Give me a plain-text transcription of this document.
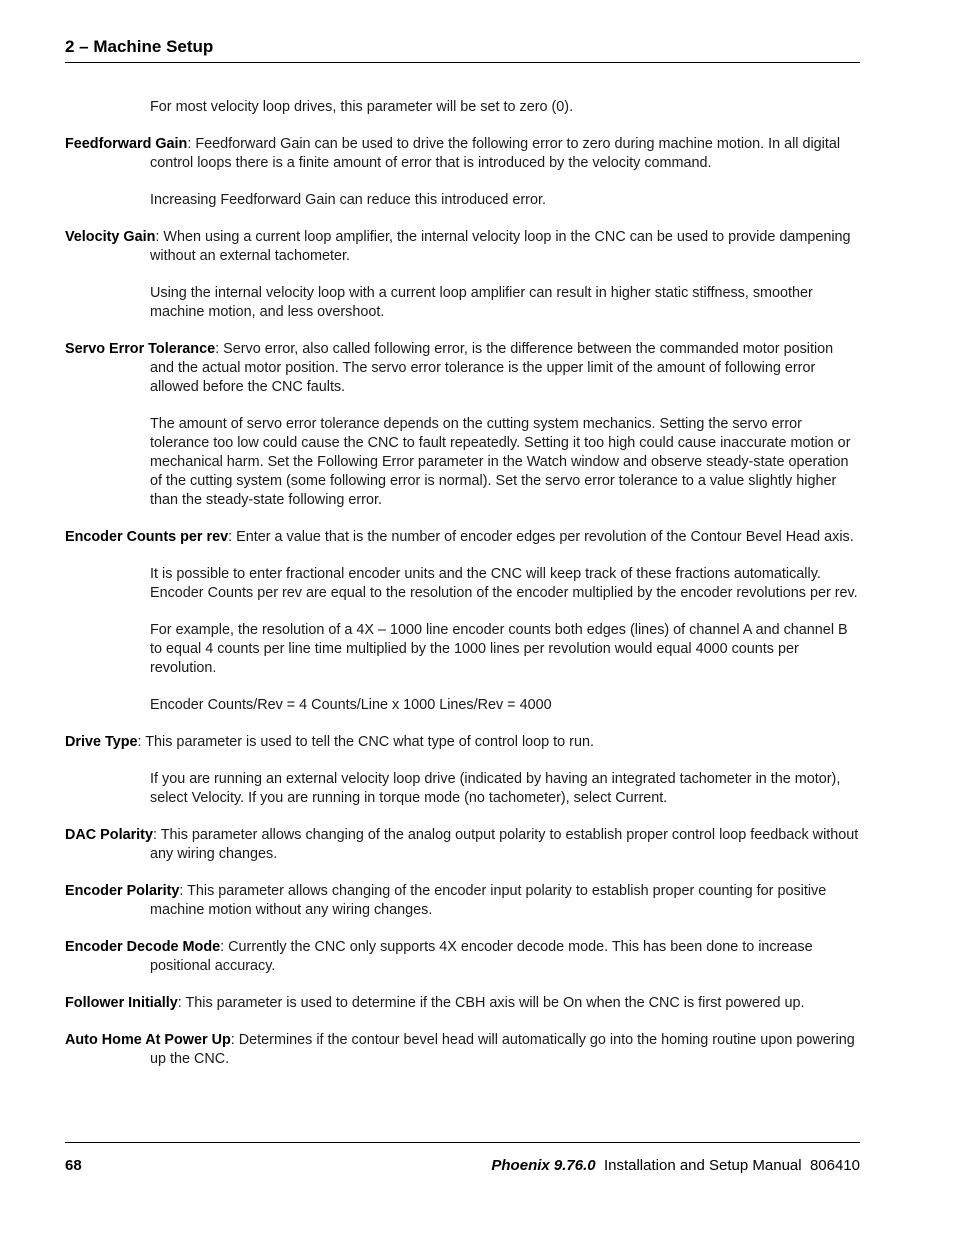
2 – Machine Setup

For most velocity loop drives, this parameter will be set to zero (0).

Feedforward Gain: Feedforward Gain can be used to drive the following error to zero during machine motion. In all digital control loops there is a finite amount of error that is introduced by the velocity command.

Increasing Feedforward Gain can reduce this introduced error.

Velocity Gain: When using a current loop amplifier, the internal velocity loop in the CNC can be used to provide dampening without an external tachometer.

Using the internal velocity loop with a current loop amplifier can result in higher static stiffness, smoother machine motion, and less overshoot.

Servo Error Tolerance: Servo error, also called following error, is the difference between the commanded motor position and the actual motor position. The servo error tolerance is the upper limit of the amount of following error allowed before the CNC faults.

The amount of servo error tolerance depends on the cutting system mechanics. Setting the servo error tolerance too low could cause the CNC to fault repeatedly. Setting it too high could cause inaccurate motion or mechanical harm. Set the Following Error parameter in the Watch window and observe steady-state operation of the cutting system (some following error is normal). Set the servo error tolerance to a value slightly higher than the steady-state following error.

Encoder Counts per rev: Enter a value that is the number of encoder edges per revolution of the Contour Bevel Head axis.

It is possible to enter fractional encoder units and the CNC will keep track of these fractions automatically. Encoder Counts per rev are equal to the resolution of the encoder multiplied by the encoder revolutions per rev.

For example, the resolution of a 4X – 1000 line encoder counts both edges (lines) of channel A and channel B to equal 4 counts per line time multiplied by the 1000 lines per revolution would equal 4000 counts per revolution.

Encoder Counts/Rev = 4 Counts/Line x 1000 Lines/Rev = 4000

Drive Type: This parameter is used to tell the CNC what type of control loop to run.

If you are running an external velocity loop drive (indicated by having an integrated tachometer in the motor), select Velocity. If you are running in torque mode (no tachometer), select Current.

DAC Polarity: This parameter allows changing of the analog output polarity to establish proper control loop feedback without any wiring changes.

Encoder Polarity: This parameter allows changing of the encoder input polarity to establish proper counting for positive machine motion without any wiring changes.

Encoder Decode Mode: Currently the CNC only supports 4X encoder decode mode. This has been done to increase positional accuracy.

Follower Initially: This parameter is used to determine if the CBH axis will be On when the CNC is first powered up.

Auto Home At Power Up: Determines if the contour bevel head will automatically go into the homing routine upon powering up the CNC.

68	Phoenix 9.76.0 Installation and Setup Manual 806410
